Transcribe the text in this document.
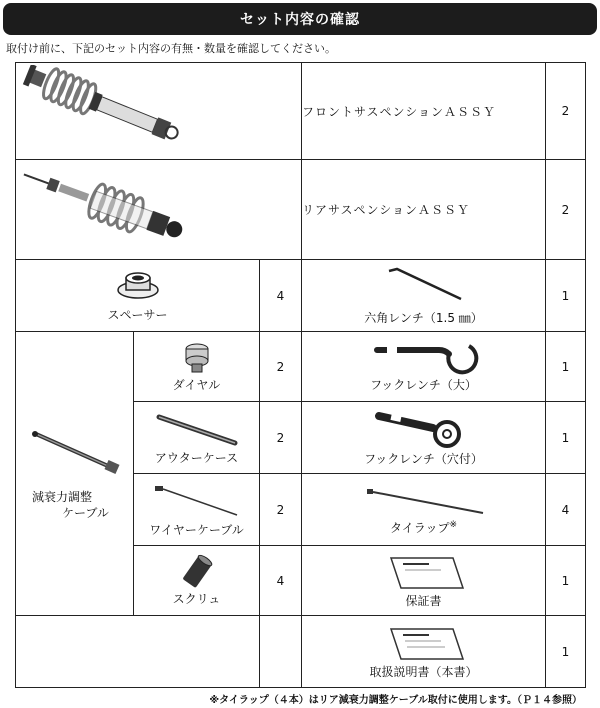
セット内容の確認
取付け前に、下記のセット内容の有無・数量を確認してください。
	フロントサスペンションＡＳＳＹ	2
	リアサスペンションＡＳＳＹ	2

スペーサー		4	六角レンチ（1.5 ㎜）	1

減衰力調整
ケーブル	ダイヤル	2	フックレンチ（大）	1

	アウターケース	2	フックレンチ（穴付）	1

	ワイヤーケーブル	2	タイラップ※	4

	スクリュ	4	保証書	1

			取扱説明書（本書）	1
※タイラップ（４本）はリア減衰力調整ケーブル取付に使用します。（Ｐ１４参照）
